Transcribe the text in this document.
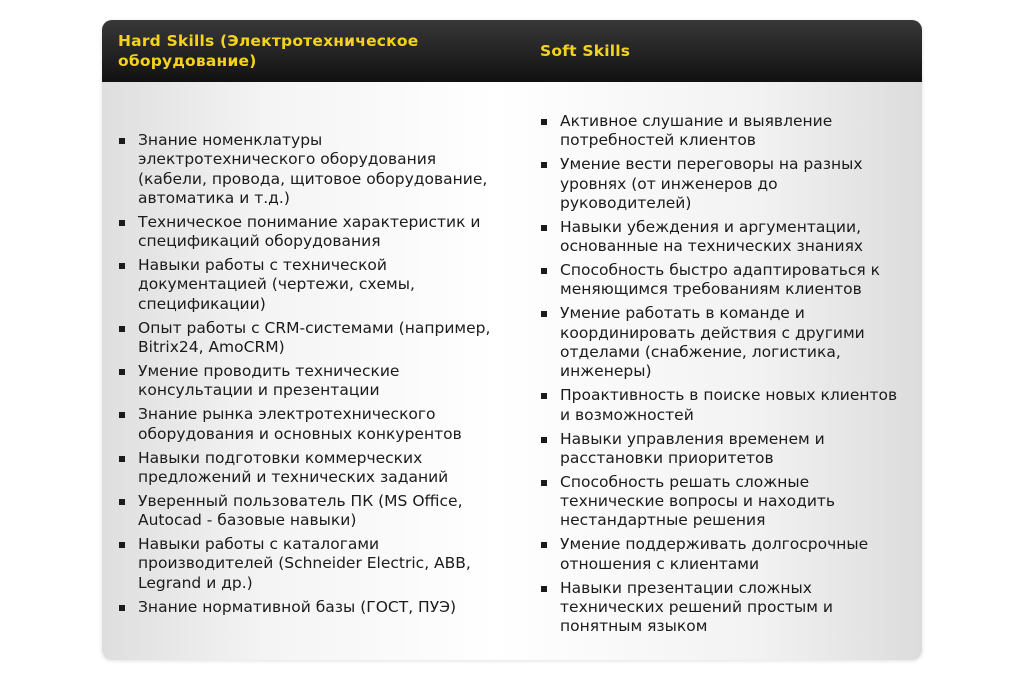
Hard Skills (Электротехническое оборудование)
Soft Skills
Знание номенклатуры электротехнического оборудования (кабели, провода, щитовое оборудование, автоматика и т.д.)
Техническое понимание характеристик и спецификаций оборудования
Навыки работы с технической документацией (чертежи, схемы, спецификации)
Опыт работы с CRM-системами (например, Bitrix24, AmoCRM)
Умение проводить технические консультации и презентации
Знание рынка электротехнического оборудования и основных конкурентов
Навыки подготовки коммерческих предложений и технических заданий
Уверенный пользователь ПК (MS Office, Autocad - базовые навыки)
Навыки работы с каталогами производителей (Schneider Electric, ABB, Legrand и др.)
Знание нормативной базы (ГОСТ, ПУЭ)
Активное слушание и выявление потребностей клиентов
Умение вести переговоры на разных уровнях (от инженеров до руководителей)
Навыки убеждения и аргументации, основанные на технических знаниях
Способность быстро адаптироваться к меняющимся требованиям клиентов
Умение работать в команде и координировать действия с другими отделами (снабжение, логистика, инженеры)
Проактивность в поиске новых клиентов и возможностей
Навыки управления временем и расстановки приоритетов
Способность решать сложные технические вопросы и находить нестандартные решения
Умение поддерживать долгосрочные отношения с клиентами
Навыки презентации сложных технических решений простым и понятным языком
